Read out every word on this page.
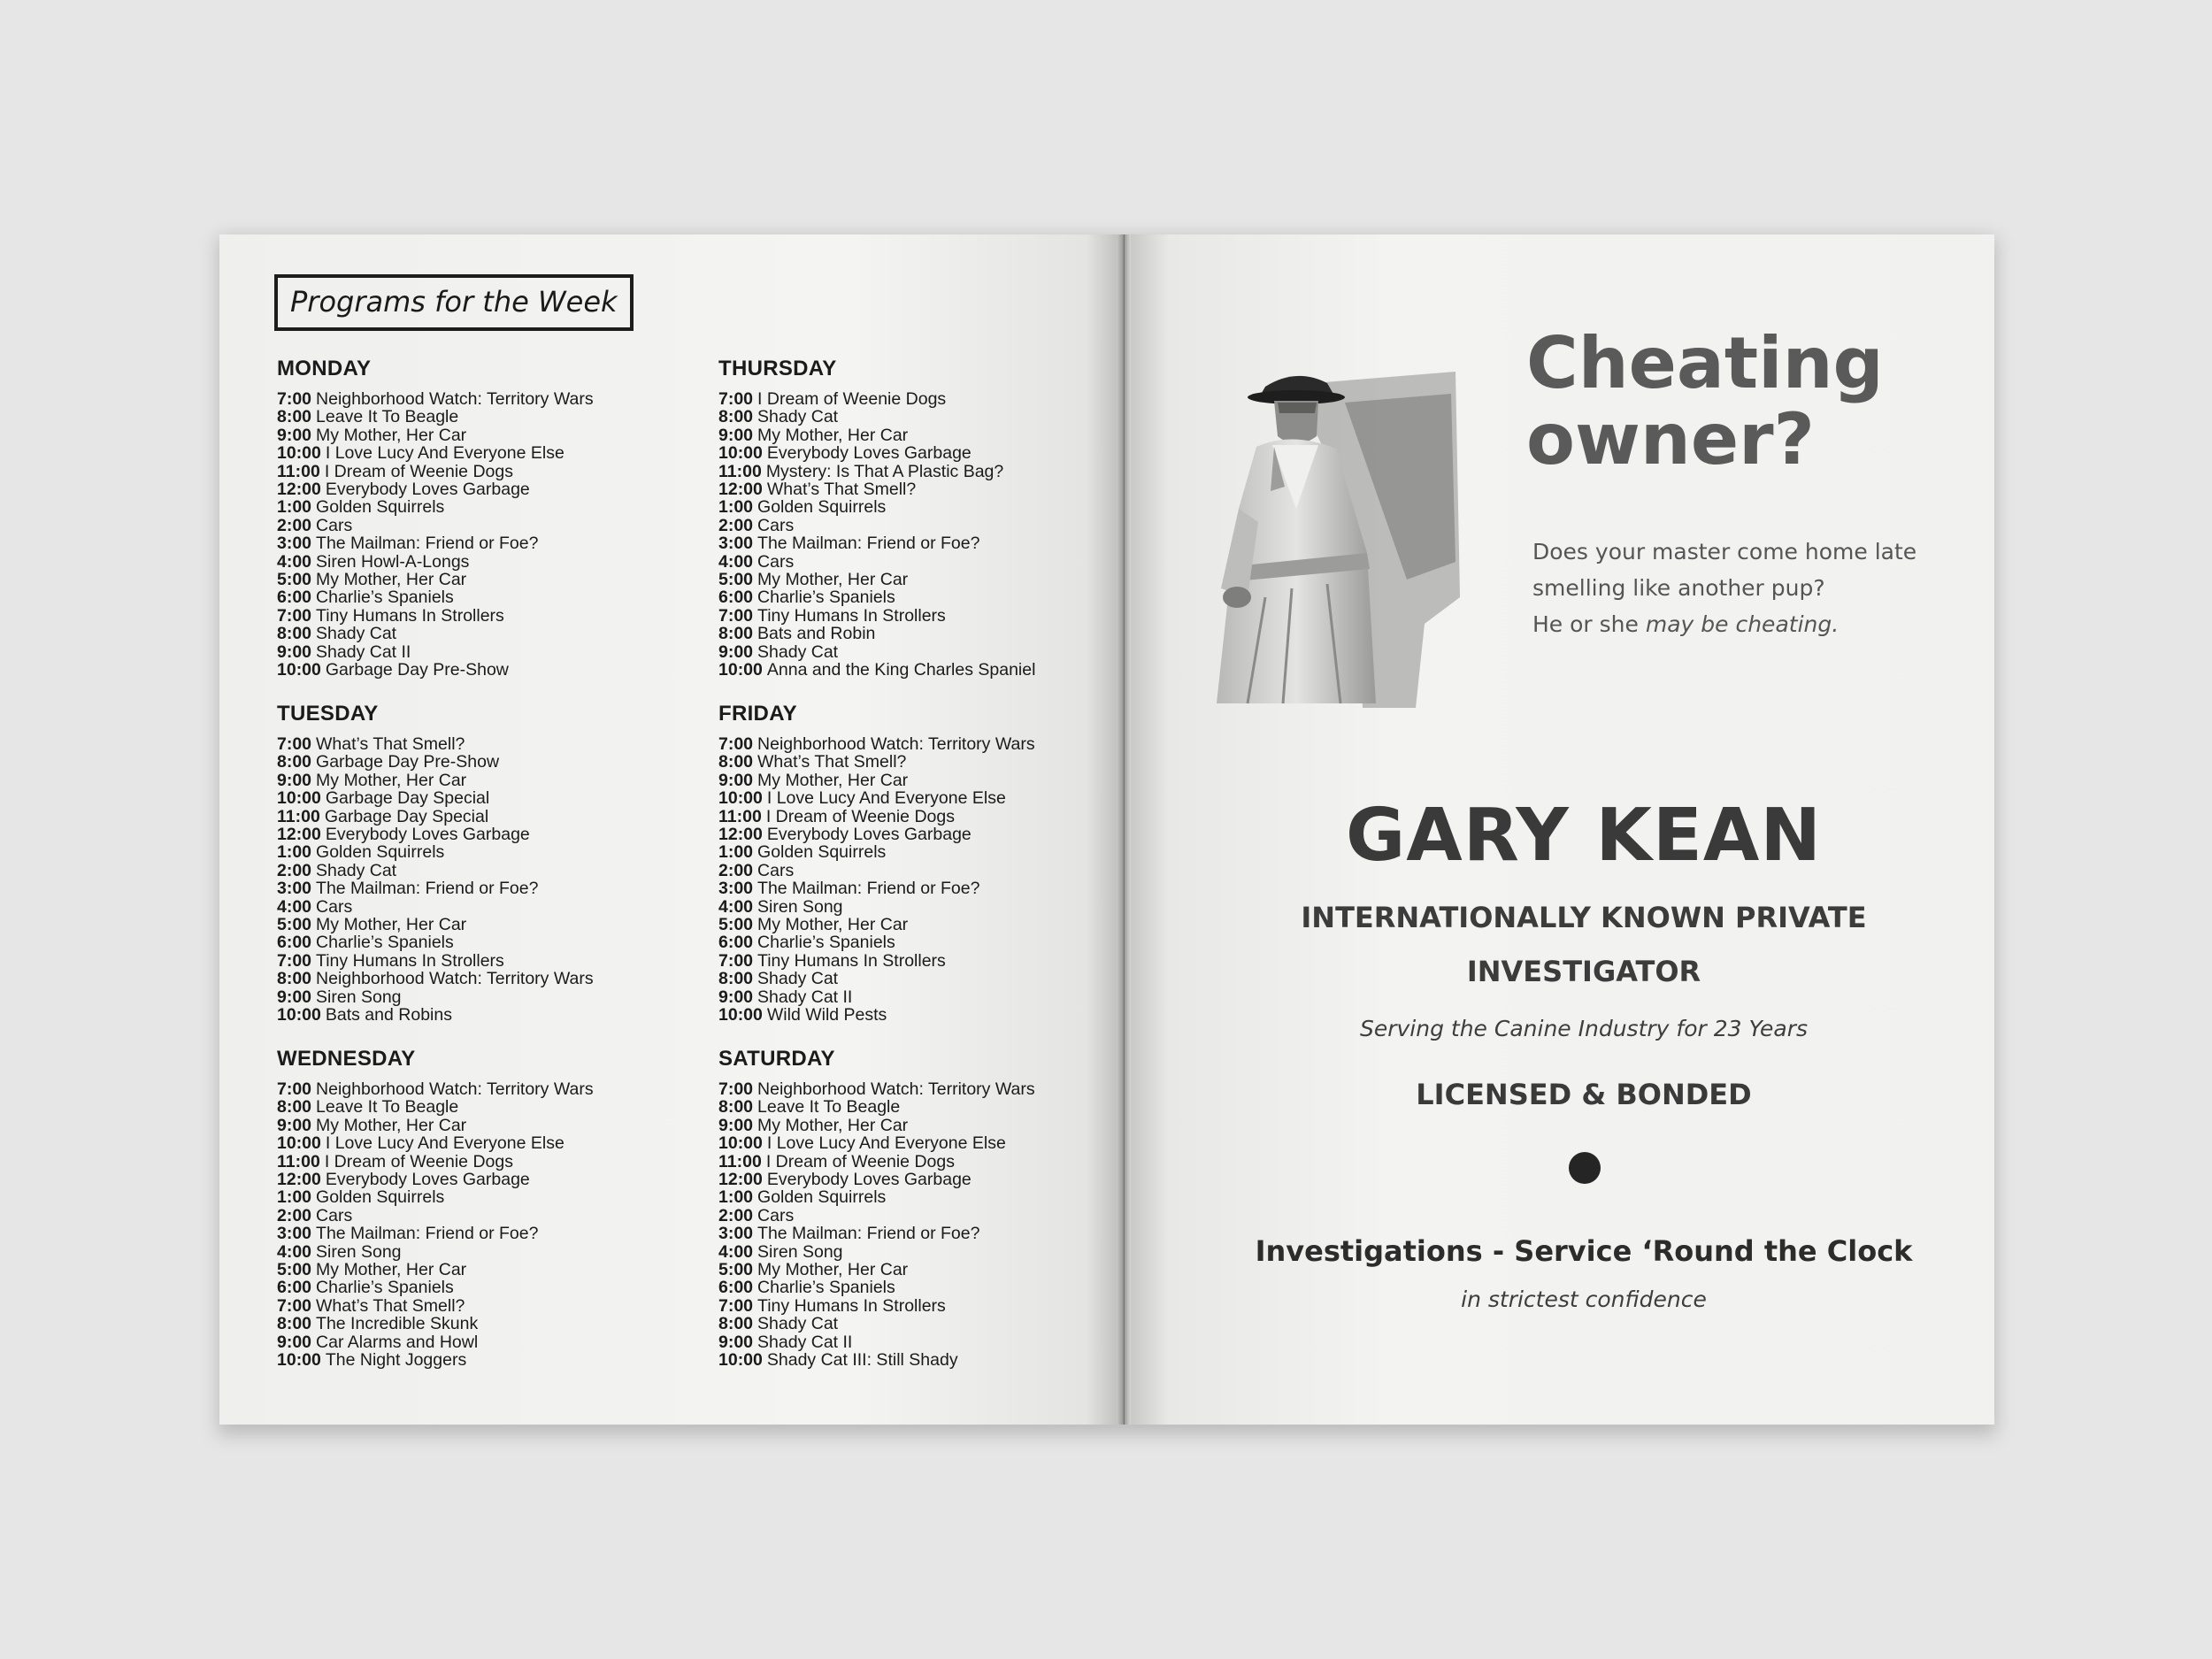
Programs for the Week
MONDAY
7:00 Neighborhood Watch: Territory Wars
8:00 Leave It To Beagle
9:00 My Mother, Her Car
10:00 I Love Lucy And Everyone Else
11:00 I Dream of Weenie Dogs
12:00 Everybody Loves Garbage
1:00 Golden Squirrels
2:00 Cars
3:00 The Mailman: Friend or Foe?
4:00 Siren Howl-A-Longs
5:00 My Mother, Her Car
6:00 Charlie’s Spaniels
7:00 Tiny Humans In Strollers
8:00 Shady Cat
9:00 Shady Cat II
10:00 Garbage Day Pre-Show
TUESDAY
7:00 What’s That Smell?
8:00 Garbage Day Pre-Show
9:00 My Mother, Her Car
10:00 Garbage Day Special
11:00 Garbage Day Special
12:00 Everybody Loves Garbage
1:00 Golden Squirrels
2:00 Shady Cat
3:00 The Mailman: Friend or Foe?
4:00 Cars
5:00 My Mother, Her Car
6:00 Charlie’s Spaniels
7:00 Tiny Humans In Strollers
8:00 Neighborhood Watch: Territory Wars
9:00 Siren Song
10:00 Bats and Robins
WEDNESDAY
7:00 Neighborhood Watch: Territory Wars
8:00 Leave It To Beagle
9:00 My Mother, Her Car
10:00 I Love Lucy And Everyone Else
11:00 I Dream of Weenie Dogs
12:00 Everybody Loves Garbage
1:00 Golden Squirrels
2:00 Cars
3:00 The Mailman: Friend or Foe?
4:00 Siren Song
5:00 My Mother, Her Car
6:00 Charlie’s Spaniels
7:00 What’s That Smell?
8:00 The Incredible Skunk
9:00 Car Alarms and Howl
10:00 The Night Joggers
THURSDAY
7:00 I Dream of Weenie Dogs
8:00 Shady Cat
9:00 My Mother, Her Car
10:00 Everybody Loves Garbage
11:00 Mystery: Is That A Plastic Bag?
12:00 What’s That Smell?
1:00 Golden Squirrels
2:00 Cars
3:00 The Mailman: Friend or Foe?
4:00 Cars
5:00 My Mother, Her Car
6:00 Charlie’s Spaniels
7:00 Tiny Humans In Strollers
8:00 Bats and Robin
9:00 Shady Cat
10:00 Anna and the King Charles Spaniel
FRIDAY
7:00 Neighborhood Watch: Territory Wars
8:00 What’s That Smell?
9:00 My Mother, Her Car
10:00 I Love Lucy And Everyone Else
11:00 I Dream of Weenie Dogs
12:00 Everybody Loves Garbage
1:00 Golden Squirrels
2:00 Cars
3:00 The Mailman: Friend or Foe?
4:00 Siren Song
5:00 My Mother, Her Car
6:00 Charlie’s Spaniels
7:00 Tiny Humans In Strollers
8:00 Shady Cat
9:00 Shady Cat II
10:00 Wild Wild Pests
SATURDAY
7:00 Neighborhood Watch: Territory Wars
8:00 Leave It To Beagle
9:00 My Mother, Her Car
10:00 I Love Lucy And Everyone Else
11:00 I Dream of Weenie Dogs
12:00 Everybody Loves Garbage
1:00 Golden Squirrels
2:00 Cars
3:00 The Mailman: Friend or Foe?
4:00 Siren Song
5:00 My Mother, Her Car
6:00 Charlie’s Spaniels
7:00 Tiny Humans In Strollers
8:00 Shady Cat
9:00 Shady Cat II
10:00 Shady Cat III: Still Shady
Cheating
owner?
Does your master come home late
smelling like another pup?
He or she may be cheating.
GARY KEAN
INTERNATIONALLY KNOWN PRIVATE
INVESTIGATOR
Serving the Canine Industry for 23 Years
LICENSED & BONDED
Investigations - Service ‘Round the Clock
in strictest confidence
